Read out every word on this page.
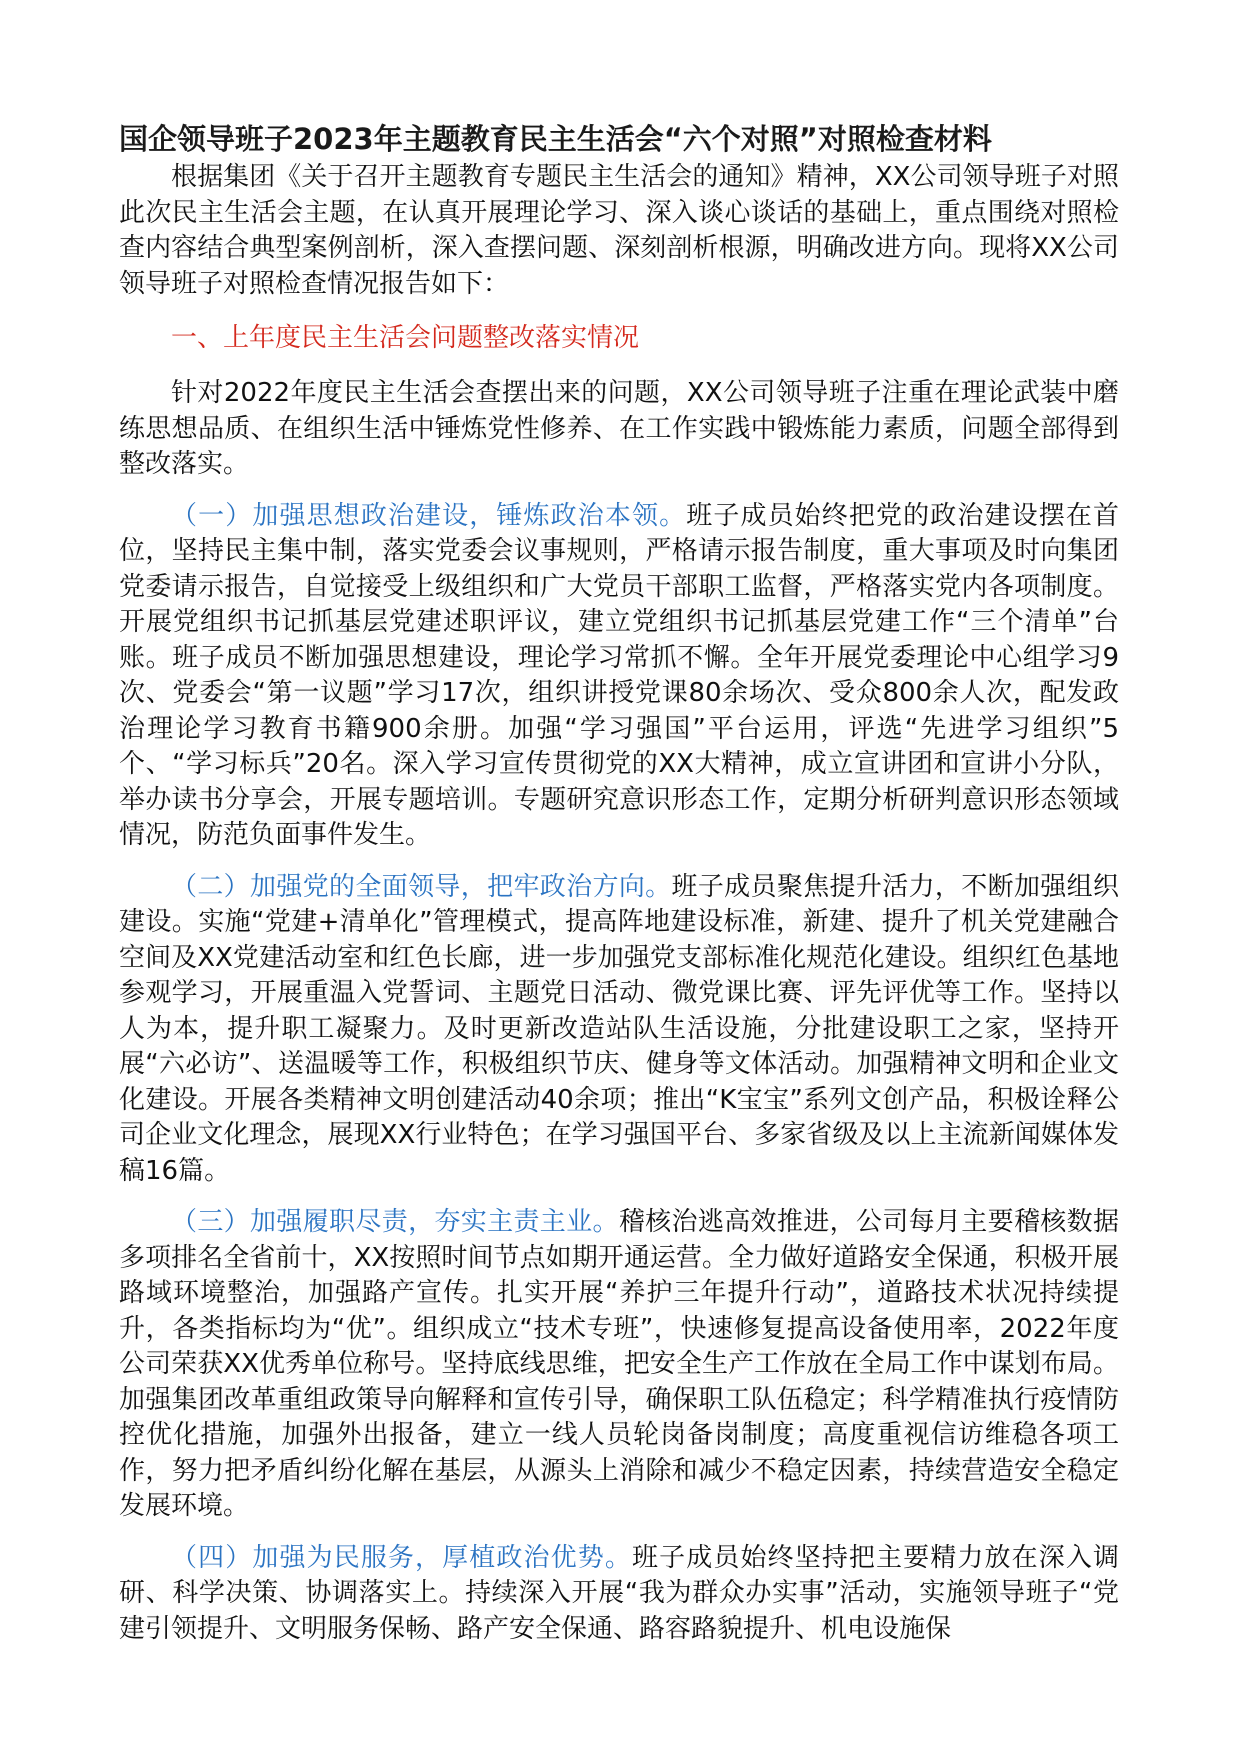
国企领导班子2023年主题教育民主生活会“六个对照”对照检查材料

根据集团《关于召开主题教育专题民主生活会的通知》精神，XX公司领导班子对照此次民主生活会主题，在认真开展理论学习、深入谈心谈话的基础上，重点围绕对照检查内容结合典型案例剖析，深入查摆问题、深刻剖析根源，明确改进方向。现将XX公司领导班子对照检查情况报告如下：

一、上年度民主生活会问题整改落实情况

针对2022年度民主生活会查摆出来的问题，XX公司领导班子注重在理论武装中磨练思想品质、在组织生活中锤炼党性修养、在工作实践中锻炼能力素质，问题全部得到整改落实。

（一）加强思想政治建设，锤炼政治本领。班子成员始终把党的政治建设摆在首位，坚持民主集中制，落实党委会议事规则，严格请示报告制度，重大事项及时向集团党委请示报告，自觉接受上级组织和广大党员干部职工监督，严格落实党内各项制度。开展党组织书记抓基层党建述职评议，建立党组织书记抓基层党建工作“三个清单”台账。班子成员不断加强思想建设，理论学习常抓不懈。全年开展党委理论中心组学习9次、党委会“第一议题”学习17次，组织讲授党课80余场次、受众800余人次，配发政治理论学习教育书籍900余册。加强“学习强国”平台运用，评选“先进学习组织”5个、“学习标兵”20名。深入学习宣传贯彻党的XX大精神，成立宣讲团和宣讲小分队，举办读书分享会，开展专题培训。专题研究意识形态工作，定期分析研判意识形态领域情况，防范负面事件发生。

（二）加强党的全面领导，把牢政治方向。班子成员聚焦提升活力，不断加强组织建设。实施“党建+清单化”管理模式，提高阵地建设标准，新建、提升了机关党建融合空间及XX党建活动室和红色长廊，进一步加强党支部标准化规范化建设。组织红色基地参观学习，开展重温入党誓词、主题党日活动、微党课比赛、评先评优等工作。坚持以人为本，提升职工凝聚力。及时更新改造站队生活设施，分批建设职工之家，坚持开展“六必访”、送温暖等工作，积极组织节庆、健身等文体活动。加强精神文明和企业文化建设。开展各类精神文明创建活动40余项；推出“K宝宝”系列文创产品，积极诠释公司企业文化理念，展现XX行业特色；在学习强国平台、多家省级及以上主流新闻媒体发稿16篇。

（三）加强履职尽责，夯实主责主业。稽核治逃高效推进，公司每月主要稽核数据多项排名全省前十，XX按照时间节点如期开通运营。全力做好道路安全保通，积极开展路域环境整治，加强路产宣传。扎实开展“养护三年提升行动”，道路技术状况持续提升，各类指标均为“优”。组织成立“技术专班”，快速修复提高设备使用率，2022年度公司荣获XX优秀单位称号。坚持底线思维，把安全生产工作放在全局工作中谋划布局。加强集团改革重组政策导向解释和宣传引导，确保职工队伍稳定；科学精准执行疫情防控优化措施，加强外出报备，建立一线人员轮岗备岗制度；高度重视信访维稳各项工作，努力把矛盾纠纷化解在基层，从源头上消除和减少不稳定因素，持续营造安全稳定发展环境。

（四）加强为民服务，厚植政治优势。班子成员始终坚持把主要精力放在深入调研、科学决策、协调落实上。持续深入开展“我为群众办实事”活动，实施领导班子“党建引领提升、文明服务保畅、路产安全保通、路容路貌提升、机电设施保
